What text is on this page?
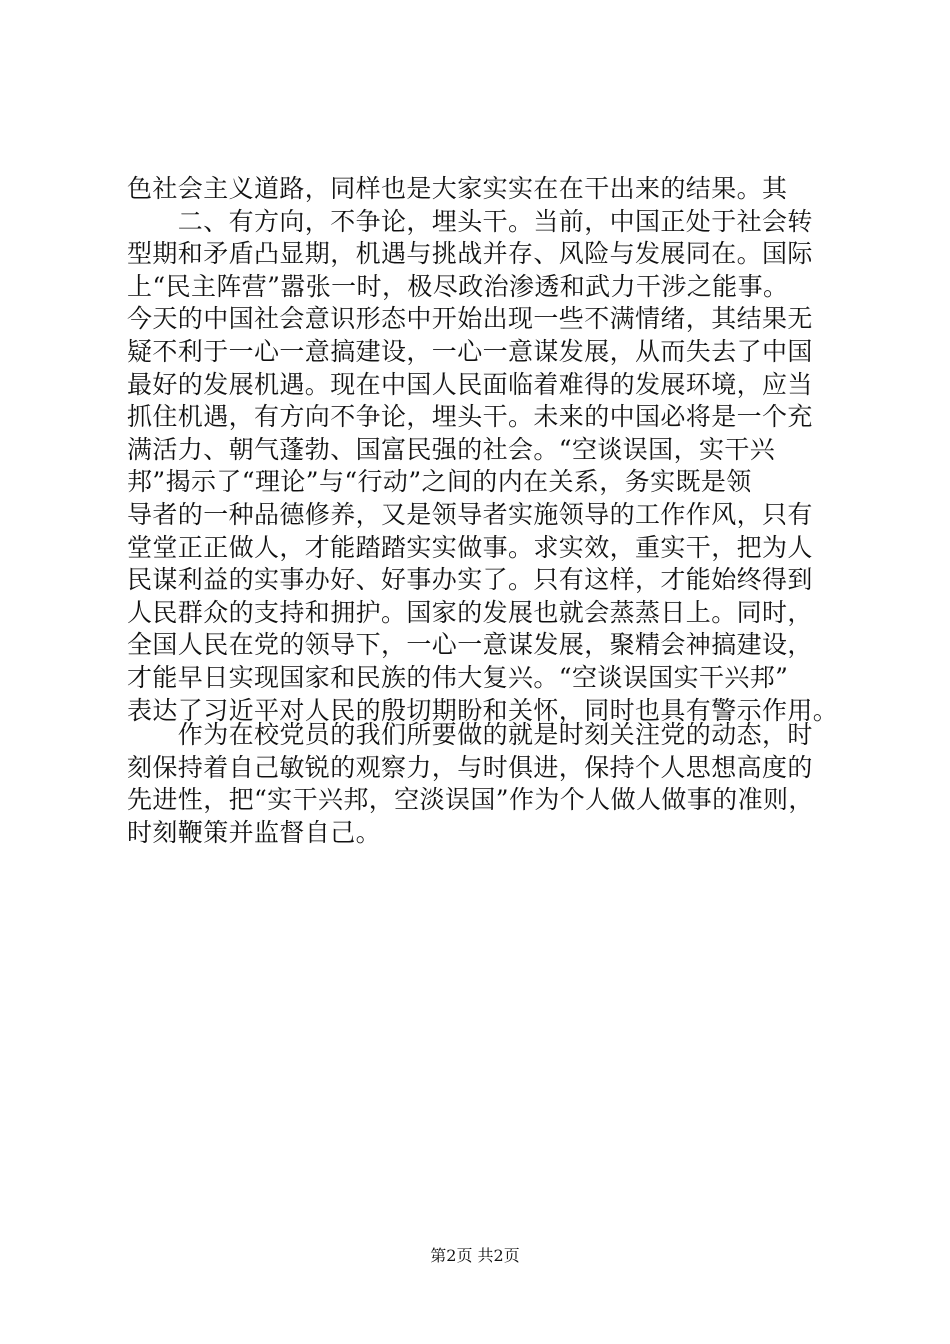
色社会主义道路，同样也是大家实实在在干出来的结果。其
　　二、有方向，不争论，埋头干。当前，中国正处于社会转
型期和矛盾凸显期，机遇与挑战并存、风险与发展同在。国际
上“民主阵营”嚣张一时，极尽政治渗透和武力干涉之能事。
今天的中国社会意识形态中开始出现一些不满情绪，其结果无
疑不利于一心一意搞建设，一心一意谋发展，从而失去了中国
最好的发展机遇。现在中国人民面临着难得的发展环境，应当
抓住机遇，有方向不争论，埋头干。未来的中国必将是一个充
满活力、朝气蓬勃、国富民强的社会。“空谈误国，实干兴
邦”揭示了“理论”与“行动”之间的内在关系，务实既是领
导者的一种品德修养，又是领导者实施领导的工作作风，只有
堂堂正正做人，才能踏踏实实做事。求实效，重实干，把为人
民谋利益的实事办好、好事办实了。只有这样，才能始终得到
人民群众的支持和拥护。国家的发展也就会蒸蒸日上。同时，
全国人民在党的领导下，一心一意谋发展，聚精会神搞建设，
才能早日实现国家和民族的伟大复兴。“空谈误国实干兴邦”
表达了习近平对人民的殷切期盼和关怀，同时也具有警示作用。
　　作为在校党员的我们所要做的就是时刻关注党的动态，时
刻保持着自己敏锐的观察力，与时俱进，保持个人思想高度的
先进性，把“实干兴邦，空淡误国”作为个人做人做事的准则，
时刻鞭策并监督自己。
第2页 共2页
